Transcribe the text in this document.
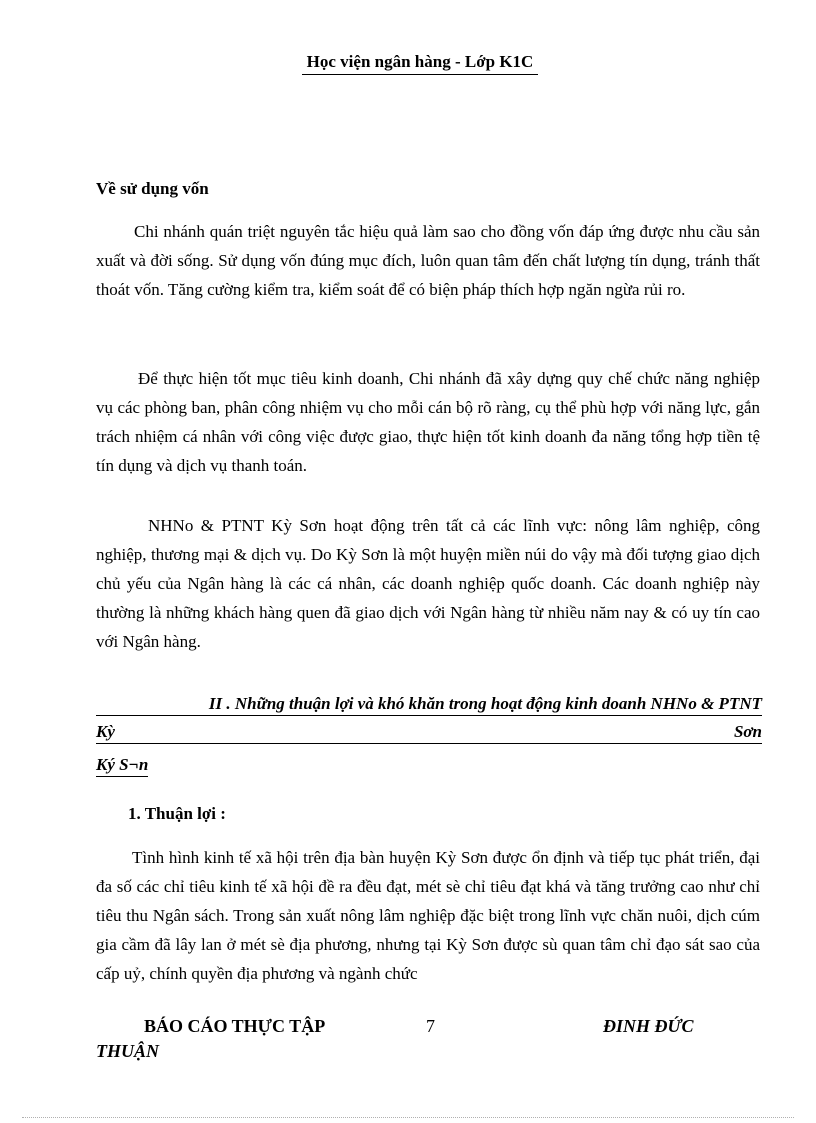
Học viện ngân hàng - Lớp K1C
Về sử dụng vốn

Chi nhánh quán triệt nguyên tắc hiệu quả làm sao cho đồng vốn đáp ứng được nhu cầu sản xuất và đời sống. Sử dụng vốn đúng mục đích, luôn quan tâm đến chất lượng tín dụng, tránh thất thoát vốn. Tăng cường kiểm tra, kiểm soát để có biện pháp thích hợp ngăn ngừa rủi ro.

Để thực hiện tốt mục tiêu kinh doanh, Chi nhánh đã xây dựng quy chế chức năng nghiệp vụ các phòng ban, phân công nhiệm vụ cho mỗi cán bộ rõ ràng, cụ thể phù hợp với năng lực, gắn trách nhiệm cá nhân với công việc được giao, thực hiện tốt kinh doanh đa năng tổng hợp tiền tệ tín dụng và dịch vụ thanh toán.

NHNo & PTNT Kỳ Sơn hoạt động trên tất cả các lĩnh vực: nông lâm nghiệp, công nghiệp, thương mại & dịch vụ. Do Kỳ Sơn là một huyện miền núi do vậy mà đối tượng giao dịch chủ yếu của Ngân hàng là các cá nhân, các doanh nghiệp quốc doanh. Các doanh nghiệp này thường là những khách hàng quen đã giao dịch với Ngân hàng từ nhiều năm nay & có uy tín cao với Ngân hàng.

II . Những thuận lợi và khó khăn trong hoạt động kinh doanh NHNo & PTNT
Kỳ	Sơn
Ký S¬n
1. Thuận lợi :

Tình hình kinh tế xã hội trên địa bàn huyện Kỳ Sơn được ổn định và tiếp tục phát triển, đại đa số các chỉ tiêu kinh tế xã hội đề ra đều đạt, mét sè chỉ tiêu đạt khá và tăng trưởng cao như chỉ tiêu thu Ngân sách. Trong sản xuất nông lâm nghiệp đặc biệt trong lĩnh vực chăn nuôi, dịch cúm gia cầm đã lây lan ở mét sè địa phương, nhưng tại Kỳ Sơn được sù quan tâm chỉ đạo sát sao của cấp uỷ, chính quyền địa phương và ngành chức

BÁO CÁO THỰC TẬP	7	ĐINH ĐỨC
THUẬN
